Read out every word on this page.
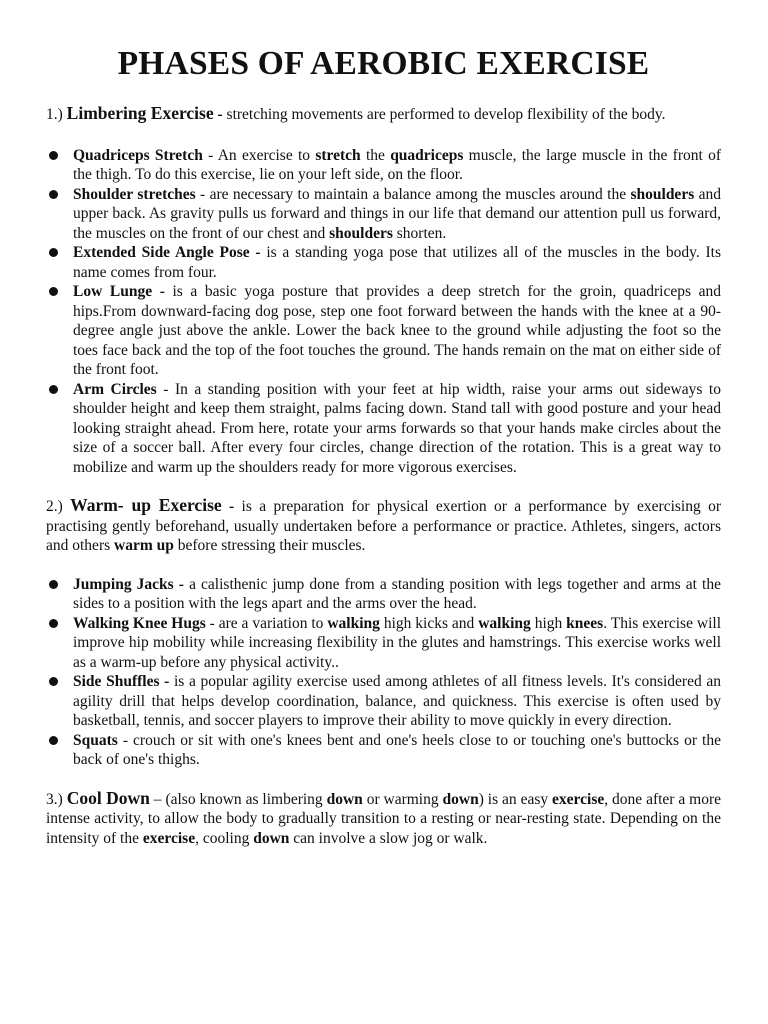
PHASES OF AEROBIC EXERCISE

1.) Limbering Exercise - stretching movements are performed to develop flexibility of the body.

Quadriceps Stretch - An exercise to stretch the quadriceps muscle, the large muscle in the front of the thigh. To do this exercise, lie on your left side, on the floor.
Shoulder stretches - are necessary to maintain a balance among the muscles around the shoulders and upper back. As gravity pulls us forward and things in our life that demand our attention pull us forward, the muscles on the front of our chest and shoulders shorten.
Extended Side Angle Pose - is a standing yoga pose that utilizes all of the muscles in the body. Its name comes from four.
Low Lunge - is a basic yoga posture that provides a deep stretch for the groin, quadriceps and hips.From downward-facing dog pose, step one foot forward between the hands with the knee at a 90-degree angle just above the ankle. Lower the back knee to the ground while adjusting the foot so the toes face back and the top of the foot touches the ground. The hands remain on the mat on either side of the front foot.
Arm Circles - In a standing position with your feet at hip width, raise your arms out sideways to shoulder height and keep them straight, palms facing down. Stand tall with good posture and your head looking straight ahead. From here, rotate your arms forwards so that your hands make circles about the size of a soccer ball. After every four circles, change direction of the rotation. This is a great way to mobilize and warm up the shoulders ready for more vigorous exercises.

2.) Warm- up Exercise - is a preparation for physical exertion or a performance by exercising or practising gently beforehand, usually undertaken before a performance or practice. Athletes, singers, actors and others warm up before stressing their muscles.

Jumping Jacks - a calisthenic jump done from a standing position with legs together and arms at the sides to a position with the legs apart and the arms over the head.
Walking Knee Hugs - are a variation to walking high kicks and walking high knees. This exercise will improve hip mobility while increasing flexibility in the glutes and hamstrings. This exercise works well as a warm-up before any physical activity..
Side Shuffles - is a popular agility exercise used among athletes of all fitness levels. It's considered an agility drill that helps develop coordination, balance, and quickness. This exercise is often used by basketball, tennis, and soccer players to improve their ability to move quickly in every direction.
Squats - crouch or sit with one's knees bent and one's heels close to or touching one's buttocks or the back of one's thighs.

3.) Cool Down – (also known as limbering down or warming down) is an easy exercise, done after a more intense activity, to allow the body to gradually transition to a resting or near-resting state. Depending on the intensity of the exercise, cooling down can involve a slow jog or walk.
